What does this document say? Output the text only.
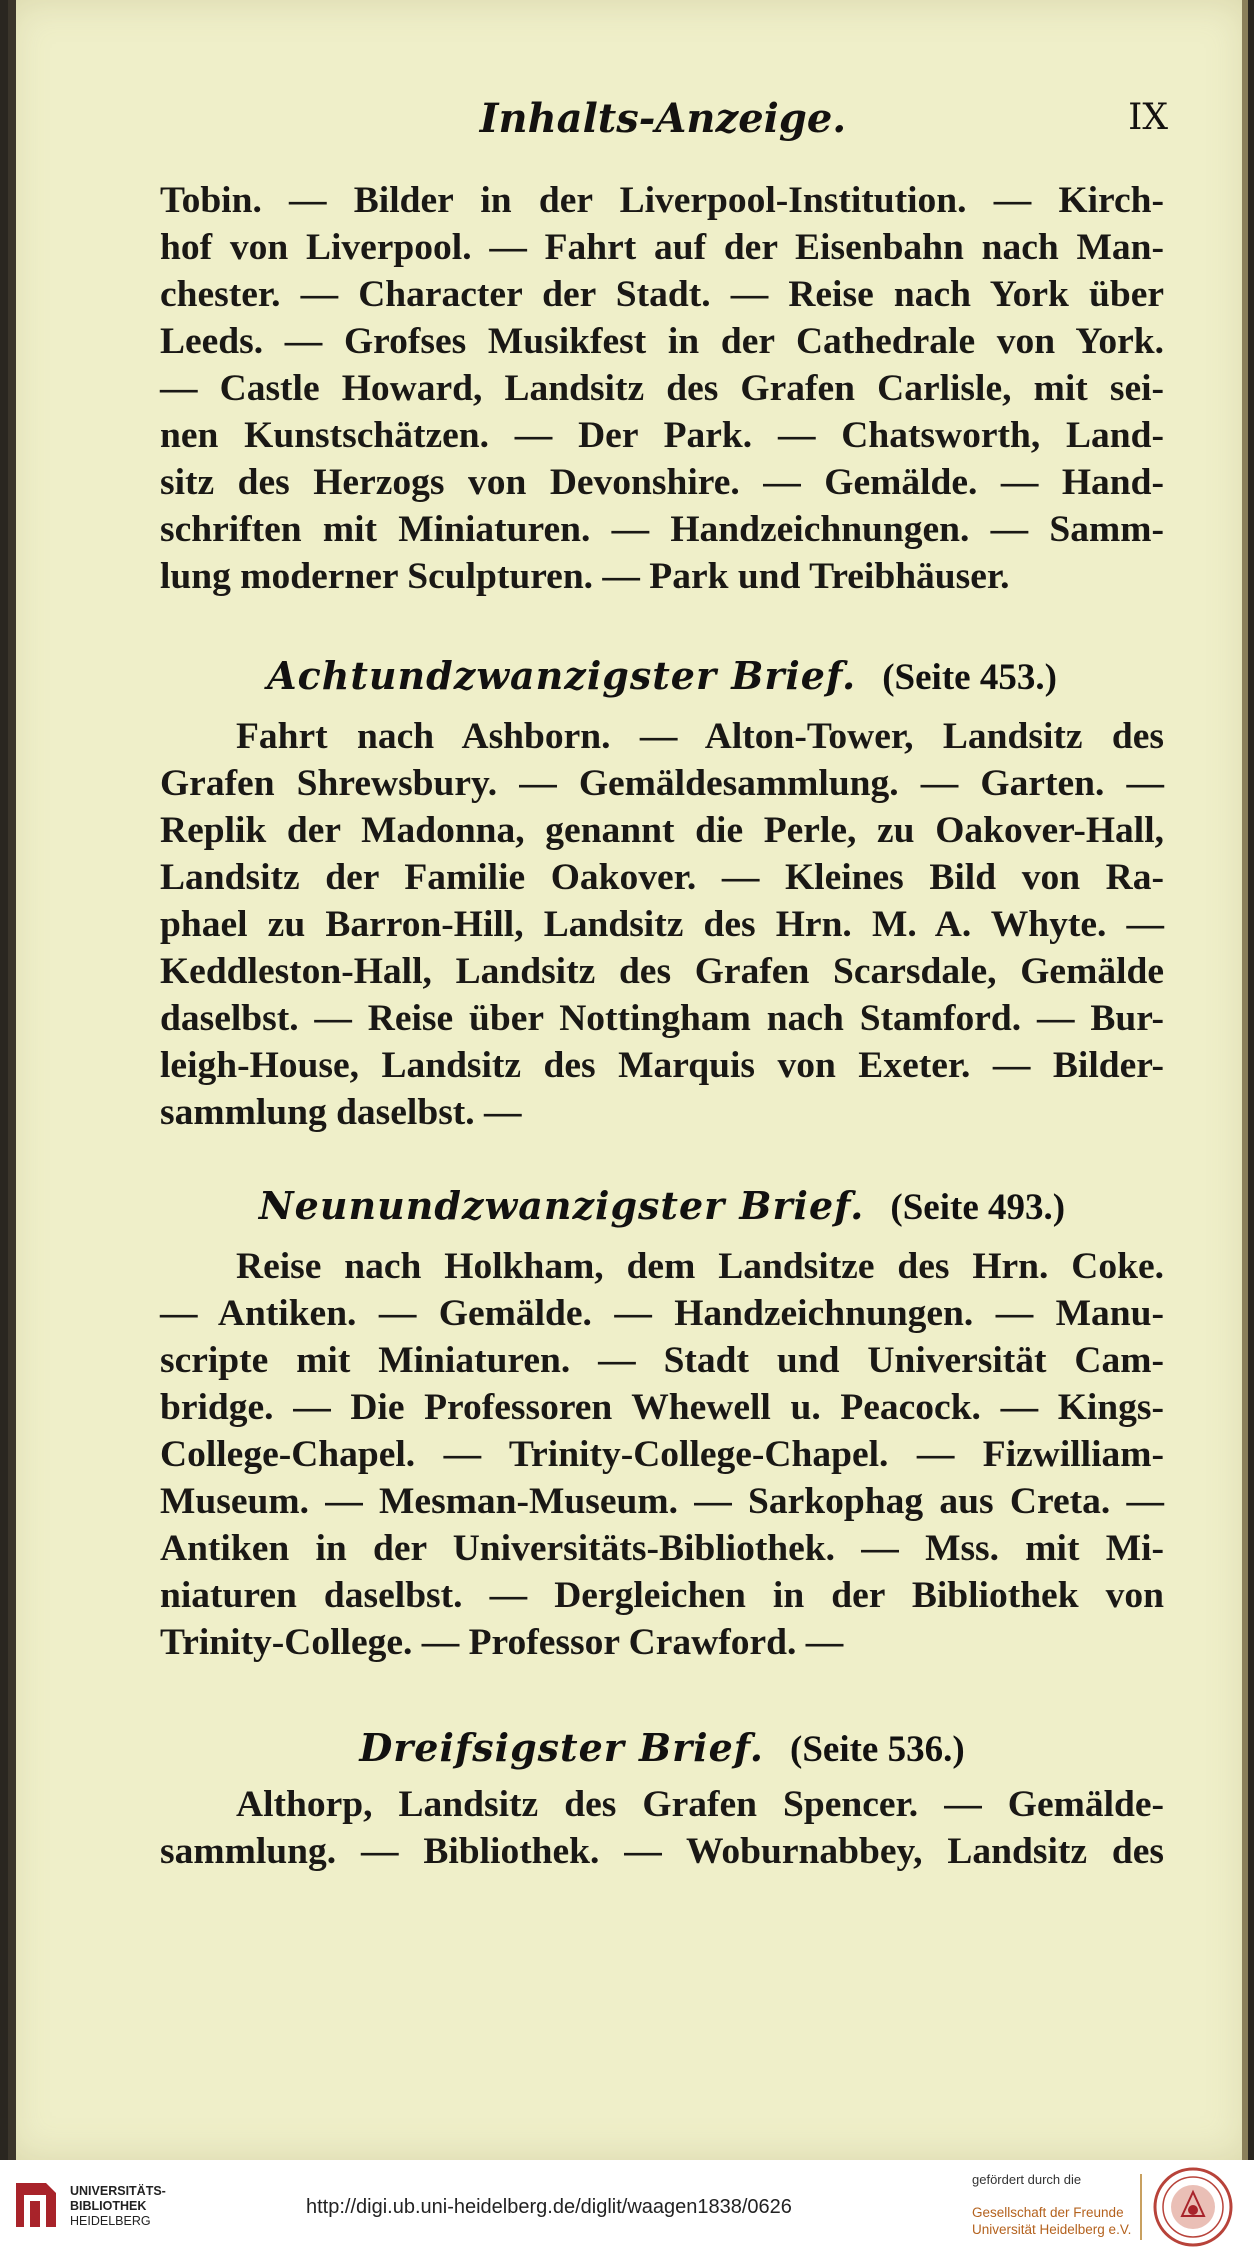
Inhalts-Anzeige.	IX
Tobin. — Bilder in der Liverpool-Institution. — Kirch-
hof von Liverpool. — Fahrt auf der Eisenbahn nach Man-
chester. — Character der Stadt. — Reise nach York über
Leeds. — Grofses Musikfest in der Cathedrale von York.
— Castle Howard, Landsitz des Grafen Carlisle, mit sei-
nen Kunstschätzen. — Der Park. — Chatsworth, Land-
sitz des Herzogs von Devonshire. — Gemälde. — Hand-
schriften mit Miniaturen. — Handzeichnungen. — Samm-
lung moderner Sculpturen. — Park und Treibhäuser.
Achtundzwanzigster Brief. (Seite 453.)
Fahrt nach Ashborn. — Alton-Tower, Landsitz des
Grafen Shrewsbury. — Gemäldesammlung. — Garten. —
Replik der Madonna, genannt die Perle, zu Oakover-Hall,
Landsitz der Familie Oakover. — Kleines Bild von Ra-
phael zu Barron-Hill, Landsitz des Hrn. M. A. Whyte. —
Keddleston-Hall, Landsitz des Grafen Scarsdale, Gemälde
daselbst. — Reise über Nottingham nach Stamford. — Bur-
leigh-House, Landsitz des Marquis von Exeter. — Bilder-
sammlung daselbst. —
Neunundzwanzigster Brief. (Seite 493.)
Reise nach Holkham, dem Landsitze des Hrn. Coke.
— Antiken. — Gemälde. — Handzeichnungen. — Manu-
scripte mit Miniaturen. — Stadt und Universität Cam-
bridge. — Die Professoren Whewell u. Peacock. — Kings-
College-Chapel. — Trinity-College-Chapel. — Fizwilliam-
Museum. — Mesman-Museum. — Sarkophag aus Creta. —
Antiken in der Universitäts-Bibliothek. — Mss. mit Mi-
niaturen daselbst. — Dergleichen in der Bibliothek von
Trinity-College. — Professor Crawford. —
Dreifsigster Brief. (Seite 536.)
Althorp, Landsitz des Grafen Spencer. — Gemälde-
sammlung. — Bibliothek. — Woburnabbey, Landsitz des
UNIVERSITÄTS-
BIBLIOTHEK
HEIDELBERG
http://digi.ub.uni-heidelberg.de/diglit/waagen1838/0626
gefördert durch die
Gesellschaft der Freunde
Universität Heidelberg e.V.
